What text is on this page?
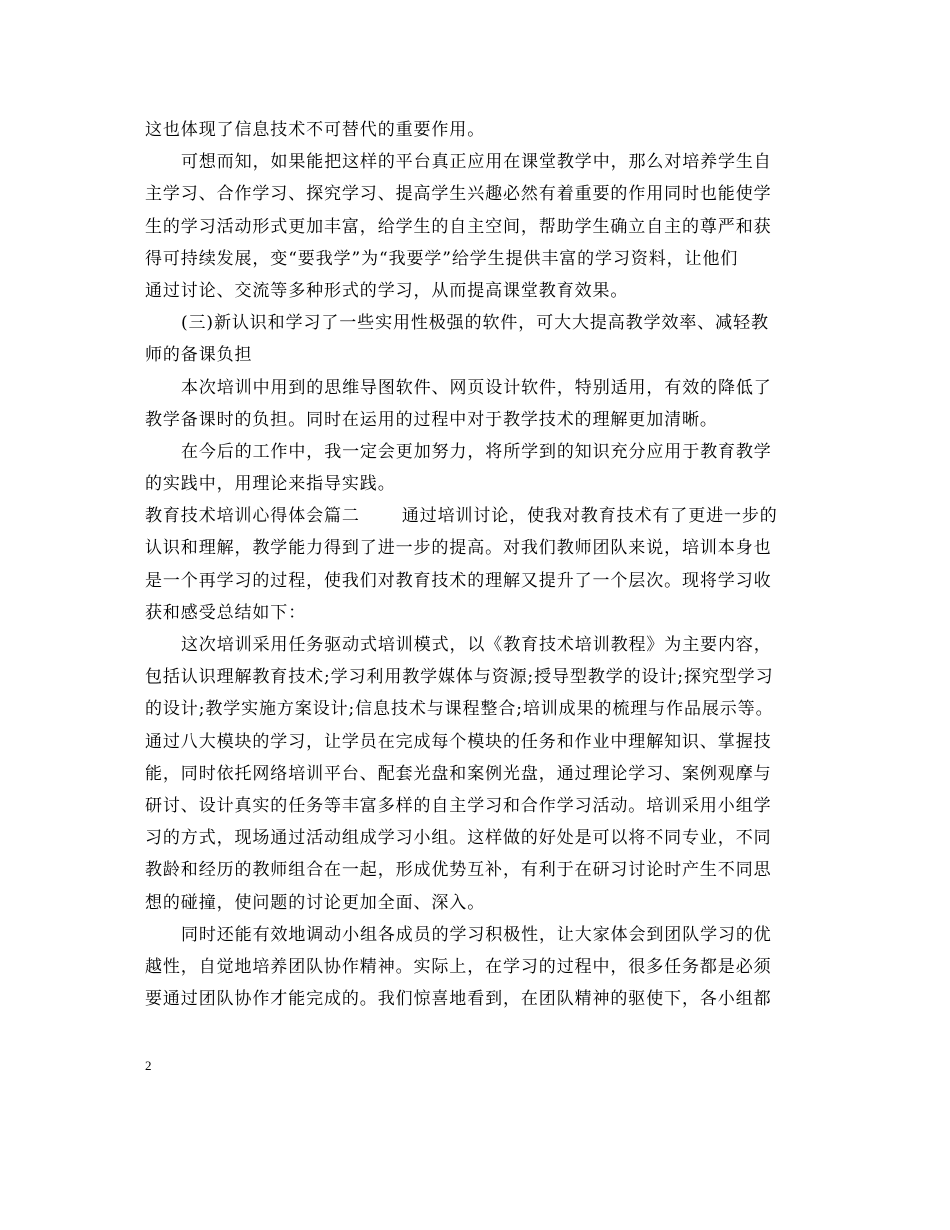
这也体现了信息技术不可替代的重要作用。
可想而知，如果能把这样的平台真正应用在课堂教学中，那么对培养学生自
主学习、合作学习、探究学习、提高学生兴趣必然有着重要的作用同时也能使学
生的学习活动形式更加丰富，给学生的自主空间，帮助学生确立自主的尊严和获
得可持续发展，变“要我学”为“我要学”给学生提供丰富的学习资料，让他们
通过讨论、交流等多种形式的学习，从而提高课堂教育效果。
(三)新认识和学习了一些实用性极强的软件，可大大提高教学效率、减轻教
师的备课负担
本次培训中用到的思维导图软件、网页设计软件，特别适用，有效的降低了
教学备课时的负担。同时在运用的过程中对于教学技术的理解更加清晰。
在今后的工作中，我一定会更加努力，将所学到的知识充分应用于教育教学
的实践中，用理论来指导实践。
教育技术培训心得体会篇二 通过培训讨论，使我对教育技术有了更进一步的
认识和理解，教学能力得到了进一步的提高。对我们教师团队来说，培训本身也
是一个再学习的过程，使我们对教育技术的理解又提升了一个层次。现将学习收
获和感受总结如下：
这次培训采用任务驱动式培训模式，以《教育技术培训教程》为主要内容，
包括认识理解教育技术;学习利用教学媒体与资源;授导型教学的设计;探究型学习
的设计;教学实施方案设计;信息技术与课程整合;培训成果的梳理与作品展示等。
通过八大模块的学习，让学员在完成每个模块的任务和作业中理解知识、掌握技
能，同时依托网络培训平台、配套光盘和案例光盘，通过理论学习、案例观摩与
研讨、设计真实的任务等丰富多样的自主学习和合作学习活动。培训采用小组学
习的方式，现场通过活动组成学习小组。这样做的好处是可以将不同专业，不同
教龄和经历的教师组合在一起，形成优势互补，有利于在研习讨论时产生不同思
想的碰撞，使问题的讨论更加全面、深入。
同时还能有效地调动小组各成员的学习积极性，让大家体会到团队学习的优
越性，自觉地培养团队协作精神。实际上，在学习的过程中，很多任务都是必须
要通过团队协作才能完成的。我们惊喜地看到，在团队精神的驱使下，各小组都
2
